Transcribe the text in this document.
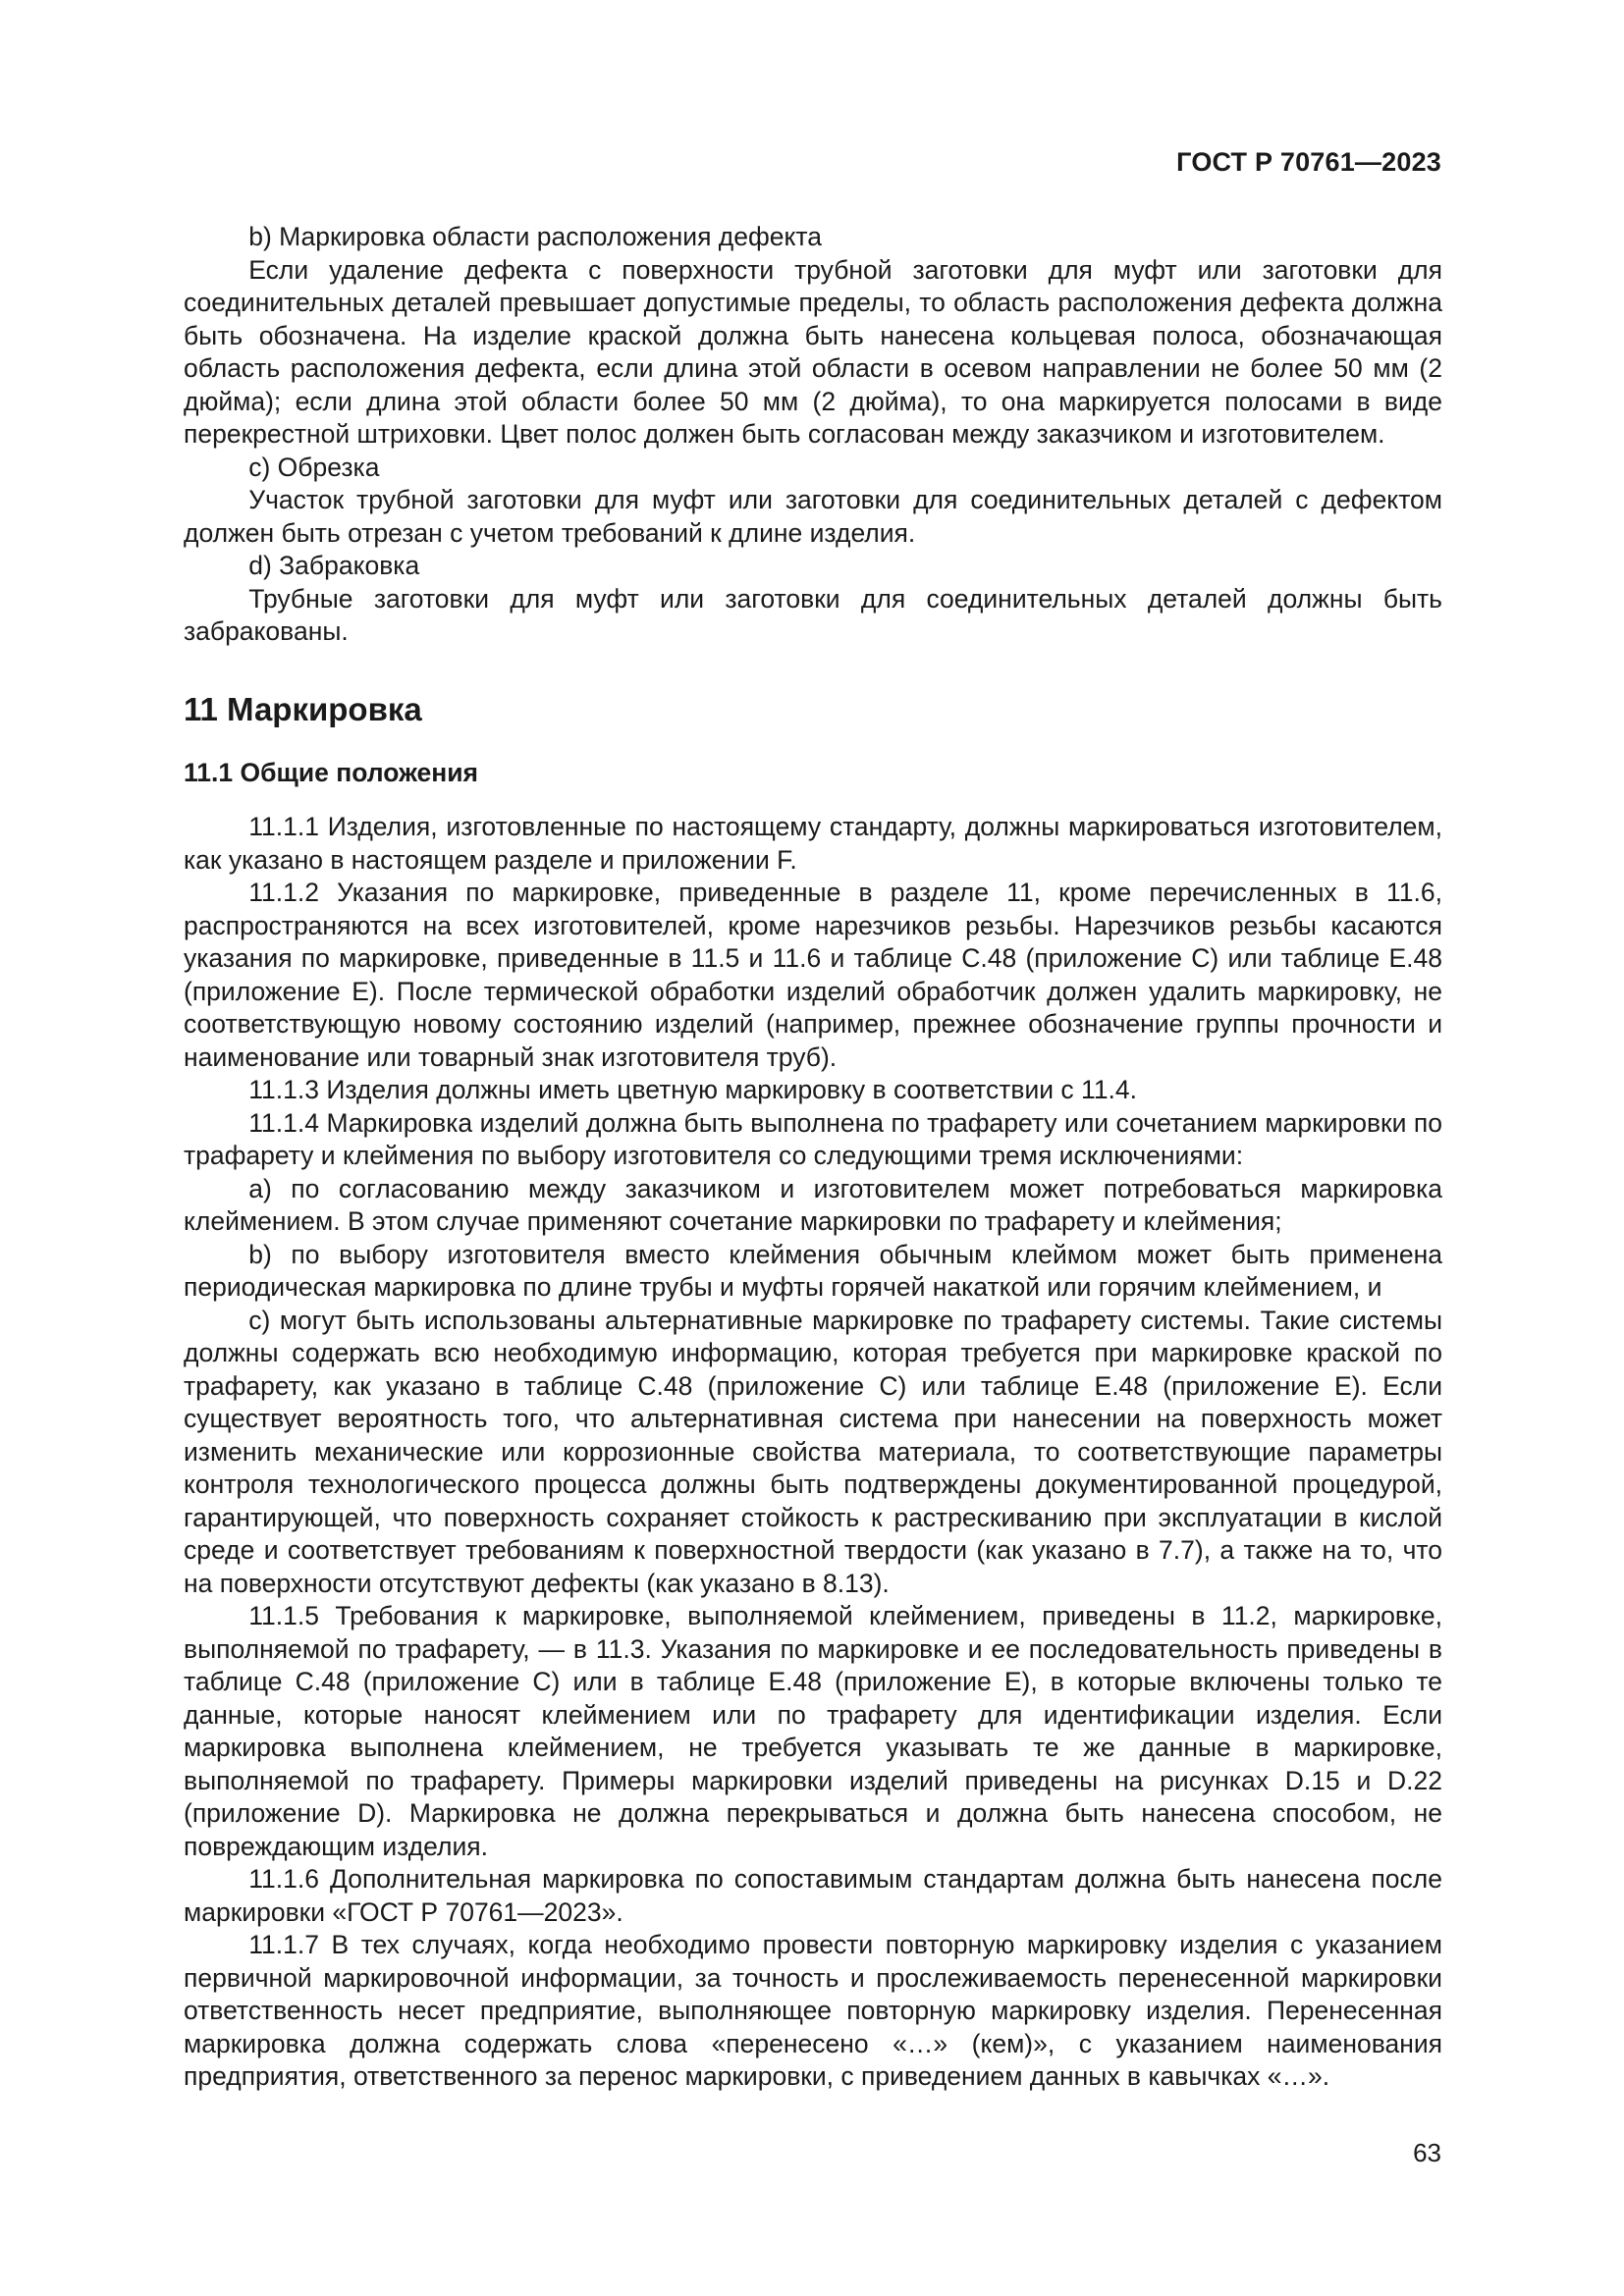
ГОСТ Р 70761—2023

b) Маркировка области расположения дефекта

Если удаление дефекта с поверхности трубной заготовки для муфт или заготовки для соединительных деталей превышает допустимые пределы, то область расположения дефекта должна быть обозначена. На изделие краской должна быть нанесена кольцевая полоса, обозначающая область расположения дефекта, если длина этой области в осевом направлении не более 50 мм (2 дюйма); если длина этой области более 50 мм (2 дюйма), то она маркируется полосами в виде перекрестной штриховки. Цвет полос должен быть согласован между заказчиком и изготовителем.

c) Обрезка

Участок трубной заготовки для муфт или заготовки для соединительных деталей с дефектом должен быть отрезан с учетом требований к длине изделия.

d) Забраковка

Трубные заготовки для муфт или заготовки для соединительных деталей должны быть забракованы.

11 Маркировка
11.1 Общие положения

11.1.1 Изделия, изготовленные по настоящему стандарту, должны маркироваться изготовителем, как указано в настоящем разделе и приложении F.

11.1.2 Указания по маркировке, приведенные в разделе 11, кроме перечисленных в 11.6, распространяются на всех изготовителей, кроме нарезчиков резьбы. Нарезчиков резьбы касаются указания по маркировке, приведенные в 11.5 и 11.6 и таблице C.48 (приложение C) или таблице E.48 (приложение E). После термической обработки изделий обработчик должен удалить маркировку, не соответствующую новому состоянию изделий (например, прежнее обозначение группы прочности и наименование или товарный знак изготовителя труб).

11.1.3 Изделия должны иметь цветную маркировку в соответствии с 11.4.

11.1.4 Маркировка изделий должна быть выполнена по трафарету или сочетанием маркировки по трафарету и клеймения по выбору изготовителя со следующими тремя исключениями:

a) по согласованию между заказчиком и изготовителем может потребоваться маркировка клеймением. В этом случае применяют сочетание маркировки по трафарету и клеймения;

b) по выбору изготовителя вместо клеймения обычным клеймом может быть применена периодическая маркировка по длине трубы и муфты горячей накаткой или горячим клеймением, и

c) могут быть использованы альтернативные маркировке по трафарету системы. Такие системы должны содержать всю необходимую информацию, которая требуется при маркировке краской по трафарету, как указано в таблице C.48 (приложение C) или таблице E.48 (приложение E). Если существует вероятность того, что альтернативная система при нанесении на поверхность может изменить механические или коррозионные свойства материала, то соответствующие параметры контроля технологического процесса должны быть подтверждены документированной процедурой, гарантирующей, что поверхность сохраняет стойкость к растрескиванию при эксплуатации в кислой среде и соответствует требованиям к поверхностной твердости (как указано в 7.7), а также на то, что на поверхности отсутствуют дефекты (как указано в 8.13).

11.1.5 Требования к маркировке, выполняемой клеймением, приведены в 11.2, маркировке, выполняемой по трафарету, — в 11.3. Указания по маркировке и ее последовательность приведены в таблице C.48 (приложение C) или в таблице E.48 (приложение E), в которые включены только те данные, которые наносят клеймением или по трафарету для идентификации изделия. Если маркировка выполнена клеймением, не требуется указывать те же данные в маркировке, выполняемой по трафарету. Примеры маркировки изделий приведены на рисунках D.15 и D.22 (приложение D). Маркировка не должна перекрываться и должна быть нанесена способом, не повреждающим изделия.

11.1.6 Дополнительная маркировка по сопоставимым стандартам должна быть нанесена после маркировки «ГОСТ Р 70761—2023».

11.1.7 В тех случаях, когда необходимо провести повторную маркировку изделия с указанием первичной маркировочной информации, за точность и прослеживаемость перенесенной маркировки ответственность несет предприятие, выполняющее повторную маркировку изделия. Перенесенная маркировка должна содержать слова «перенесено «…» (кем)», с указанием наименования предприятия, ответственного за перенос маркировки, с приведением данных в кавычках «…».

63
